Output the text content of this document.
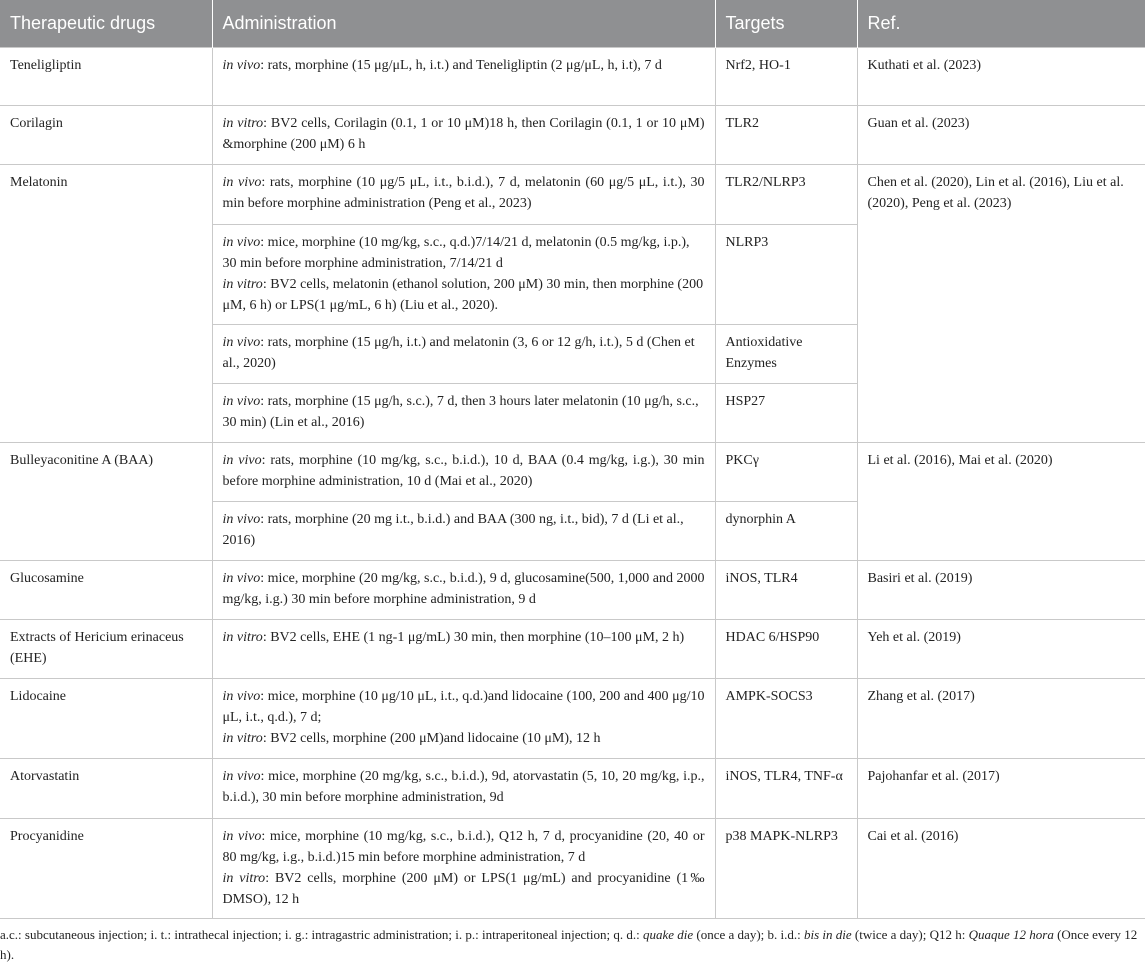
Therapeutic drugs	Administration	Targets	Ref.
Teneligliptin	in vivo: rats, morphine (15 μg/μL, h, i.t.) and Teneligliptin (2 μg/μL, h, i.t), 7 d	Nrf2, HO-1	Kuthati et al. (2023)
Corilagin	in vitro: BV2 cells, Corilagin (0.1, 1 or 10 μM)18 h, then Corilagin (0.1, 1 or 10 μM) &morphine (200 μM) 6 h	TLR2	Guan et al. (2023)
Melatonin	in vivo: rats, morphine (10 μg/5 μL, i.t., b.i.d.), 7 d, melatonin (60 μg/5 μL, i.t.), 30 min before morphine administration (Peng et al., 2023)	TLR2/NLRP3	Chen et al. (2020), Lin et al. (2016), Liu et al. (2020), Peng et al. (2023)

	in vivo: mice, morphine (10 mg/kg, s.c., q.d.)7/14/21 d, melatonin (0.5 mg/kg, i.p.), 30 min before morphine administration, 7/14/21 d
in vitro: BV2 cells, melatonin (ethanol solution, 200 μM) 30 min, then morphine (200 μM, 6 h) or LPS(1 μg/mL, 6 h) (Liu et al., 2020).	NLRP3	
	in vivo: rats, morphine (15 μg/h, i.t.) and melatonin (3, 6 or 12 g/h, i.t.), 5 d (Chen et al., 2020)	Antioxidative Enzymes	
	in vivo: rats, morphine (15 μg/h, s.c.), 7 d, then 3 hours later melatonin (10 μg/h, s.c., 30 min) (Lin et al., 2016)	HSP27	
Bulleyaconitine A (BAA)	in vivo: rats, morphine (10 mg/kg, s.c., b.i.d.), 10 d, BAA (0.4 mg/kg, i.g.), 30 min before morphine administration, 10 d (Mai et al., 2020)	PKCγ	Li et al. (2016), Mai et al. (2020)
	in vivo: rats, morphine (20 mg i.t., b.i.d.) and BAA (300 ng, i.t., bid), 7 d (Li et al., 2016)	dynorphin A	
Glucosamine	in vivo: mice, morphine (20 mg/kg, s.c., b.i.d.), 9 d, glucosamine(500, 1,000 and 2000 mg/kg, i.g.) 30 min before morphine administration, 9 d	iNOS, TLR4	Basiri et al. (2019)
Extracts of Hericium erinaceus (EHE)	in vitro: BV2 cells, EHE (1 ng-1 μg/mL) 30 min, then morphine (10–100 μM, 2 h)	HDAC 6/HSP90	Yeh et al. (2019)
Lidocaine	in vivo: mice, morphine (10 μg/10 μL, i.t., q.d.)and lidocaine (100, 200 and 400 μg/10 μL, i.t., q.d.), 7 d;
in vitro: BV2 cells, morphine (200 μM)and lidocaine (10 μM), 12 h	AMPK-SOCS3	Zhang et al. (2017)
Atorvastatin	in vivo: mice, morphine (20 mg/kg, s.c., b.i.d.), 9d, atorvastatin (5, 10, 20 mg/kg, i.p., b.i.d.), 30 min before morphine administration, 9d	iNOS, TLR4, TNF-α	Pajohanfar et al. (2017)
Procyanidine	in vivo: mice, morphine (10 mg/kg, s.c., b.i.d.), Q12 h, 7 d, procyanidine (20, 40 or 80 mg/kg, i.g., b.i.d.)15 min before morphine administration, 7 d
in vitro: BV2 cells, morphine (200 μM) or LPS(1 μg/mL) and procyanidine (1‰ DMSO), 12 h	p38 MAPK-NLRP3	Cai et al. (2016)
a.c.: subcutaneous injection; i. t.: intrathecal injection; i. g.: intragastric administration; i. p.: intraperitoneal injection; q. d.: quake die (once a day); b. i.d.: bis in die (twice a day); Q12 h: Quaque 12 hora (Once every 12 h).
